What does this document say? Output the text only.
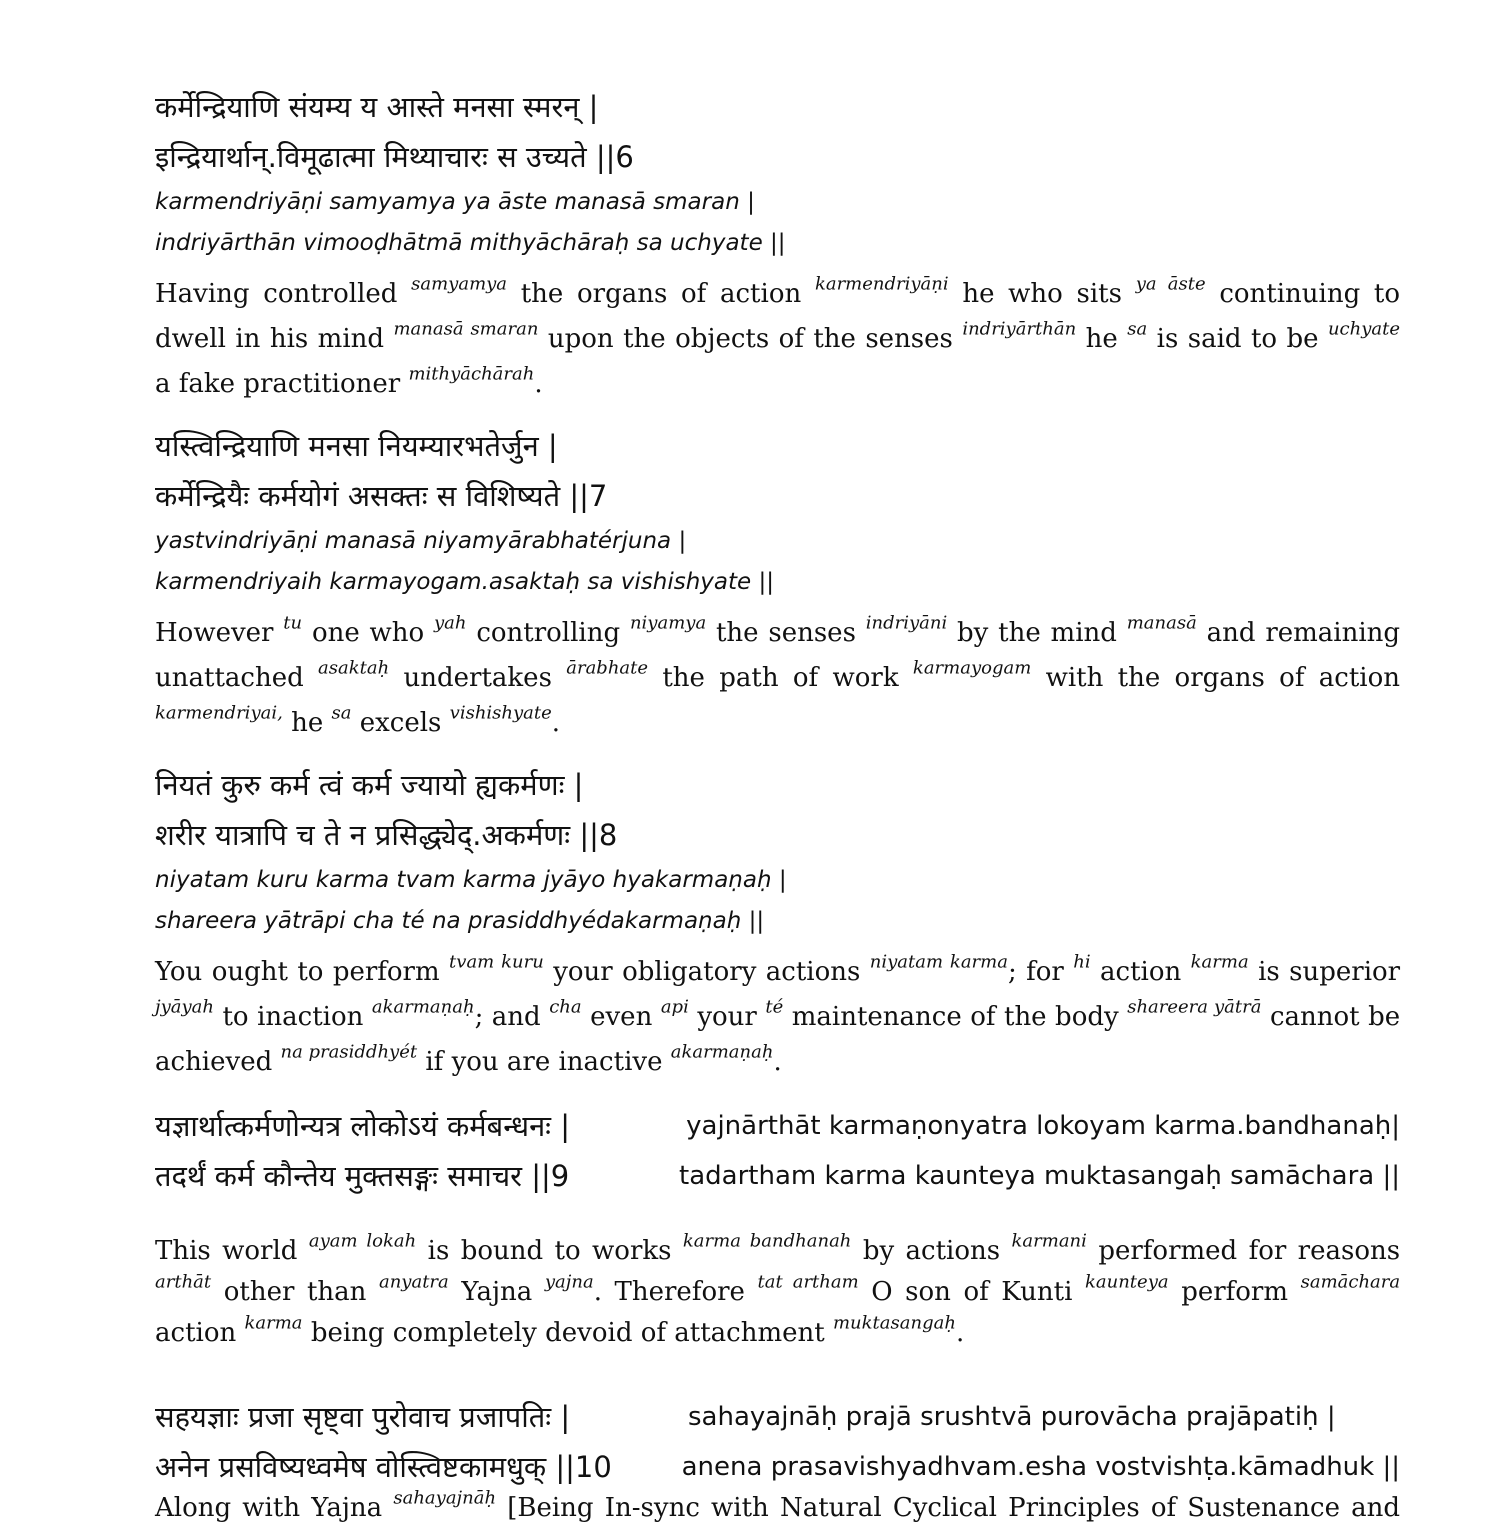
कर्मेन्द्रियाणि संयम्य य आस्ते मनसा स्मरन् |
इन्द्रियार्थान्.विमूढात्मा मिथ्याचारः स उच्यते ||6
karmendriyāṇi samyamya ya āste manasā smaran |
indriyārthān vimooḍhātmā mithyāchāraḥ sa uchyate ||

Having controlled $^{samyamya}$ the organs of action $^{karmendriyāṇi}$ he who sits $^{ya āste}$ continuing to dwell in his mind $^{manasā smaran}$ upon the objects of the senses $^{indriyārthān}$ he $^{sa}$ is said to be $^{uchyate}$ a fake practitioner $^{mithyāchārah}$.

यस्त्विन्द्रियाणि मनसा नियम्यारभतेर्जुन |
कर्मेन्द्रियैः कर्मयोगं असक्तः स विशिष्यते ||7
yastvindriyāṇi manasā niyamyārabhatérjuna |
karmendriyaih karmayogam.asaktaḥ sa vishishyate ||

However $^{tu}$ one who $^{yah}$ controlling $^{niyamya}$ the senses $^{indriyāni}$ by the mind $^{manasā}$ and remaining unattached $^{asaktaḥ}$ undertakes $^{ārabhate}$ the path of work $^{karmayogam}$ with the organs of action $^{karmendriyai,}$ he $^{sa}$ excels $^{vishishyate}$.

नियतं कुरु कर्म त्वं कर्म ज्यायो ह्यकर्मणः |
शरीर यात्रापि च ते न प्रसिद्ध्येद्.अकर्मणः ||8
niyatam kuru karma tvam karma jyāyo hyakarmaṇaḥ |
shareera yātrāpi cha té na prasiddhyédakarmaṇaḥ ||

You ought to perform $^{tvam kuru}$ your obligatory actions $^{niyatam karma}$; for $^{hi}$ action $^{karma}$ is superior $^{jyāyah}$ to inaction $^{akarmaṇaḥ}$; and $^{cha}$ even $^{api}$ your $^{té}$ maintenance of the body $^{shareera yātrā}$ cannot be achieved $^{na prasiddhyét}$ if you are inactive $^{akarmaṇaḥ}$.

यज्ञार्थात्कर्मणोन्यत्र लोकोऽयं कर्मबन्धनः |	yajnārthāt karmaṇonyatra lokoyam karma.bandhanaḥ|
तदर्थं कर्म कौन्तेय मुक्तसङ्गः समाचर ||9	tadartham karma kaunteya muktasangaḥ samāchara ||

This world $^{ayam lokah}$ is bound to works $^{karma bandhanah}$ by actions $^{karmani}$ performed for reasons $^{arthāt}$ other than $^{anyatra}$ Yajna $^{yajna}$. Therefore $^{tat artham}$ O son of Kunti $^{kaunteya}$ perform $^{samāchara}$ action $^{karma}$ being completely devoid of attachment $^{muktasangaḥ}$.

सहयज्ञाः प्रजा सृष्ट्वा पुरोवाच प्रजापतिः |	sahayajnāḥ prajā srushtvā purovācha prajāpatiḥ |
अनेन प्रसविष्यध्वमेष वोस्त्विष्टकामधुक् ||10	anena prasavishyadhvam.esha vostvishṭa.kāmadhuk ||

Along with Yajna $^{sahayajnāḥ}$ [Being In-sync with Natural Cyclical Principles of Sustenance and
